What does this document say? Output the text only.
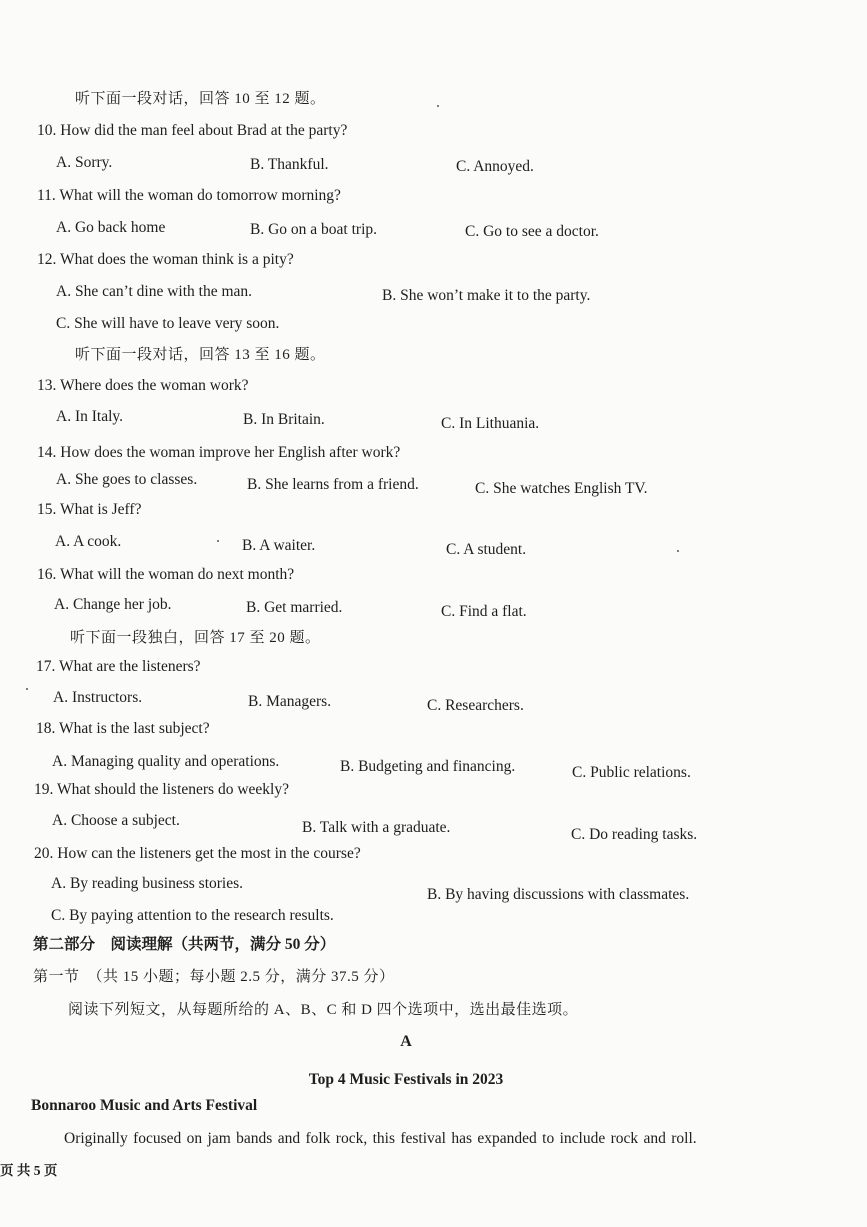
听下面一段对话，回答 10 至 12 题。
10. How did the man feel about Brad at the party?
A. Sorry.	B. Thankful.	C. Annoyed.
11. What will the woman do tomorrow morning?
A. Go back home	B. Go on a boat trip.	C. Go to see a doctor.
12. What does the woman think is a pity?
A. She can’t dine with the man.	B. She won’t make it to the party.
C. She will have to leave very soon.
听下面一段对话，回答 13 至 16 题。
13. Where does the woman work?
A. In Italy.	B. In Britain.	C. In Lithuania.
14. How does the woman improve her English after work?
A. She goes to classes.	B. She learns from a friend.	C. She watches English TV.
15. What is Jeff?
A. A cook.	B. A waiter.	C. A student.
16. What will the woman do next month?
A. Change her job.	B. Get married.	C. Find a flat.
听下面一段独白，回答 17 至 20 题。
17. What are the listeners?
A. Instructors.	B. Managers.	C. Researchers.
18. What is the last subject?
A. Managing quality and operations.	B. Budgeting and financing.	C. Public relations.
19. What should the listeners do weekly?
A. Choose a subject.	B. Talk with a graduate.	C. Do reading tasks.
20. How can the listeners get the most in the course?
A. By reading business stories.
B. By having discussions with classmates.
C. By paying attention to the research results.
第二部分　阅读理解（共两节，满分 50 分）
第一节　（共 15 小题；每小题 2.5 分，满分 37.5 分）
阅读下列短文，从每题所给的 A、B、C 和 D 四个选项中，选出最佳选项。
A
Top 4 Music Festivals in 2023
Bonnaroo Music and Arts Festival
Originally focused on jam bands and folk rock, this festival has expanded to include rock and roll.
页 共 5 页
